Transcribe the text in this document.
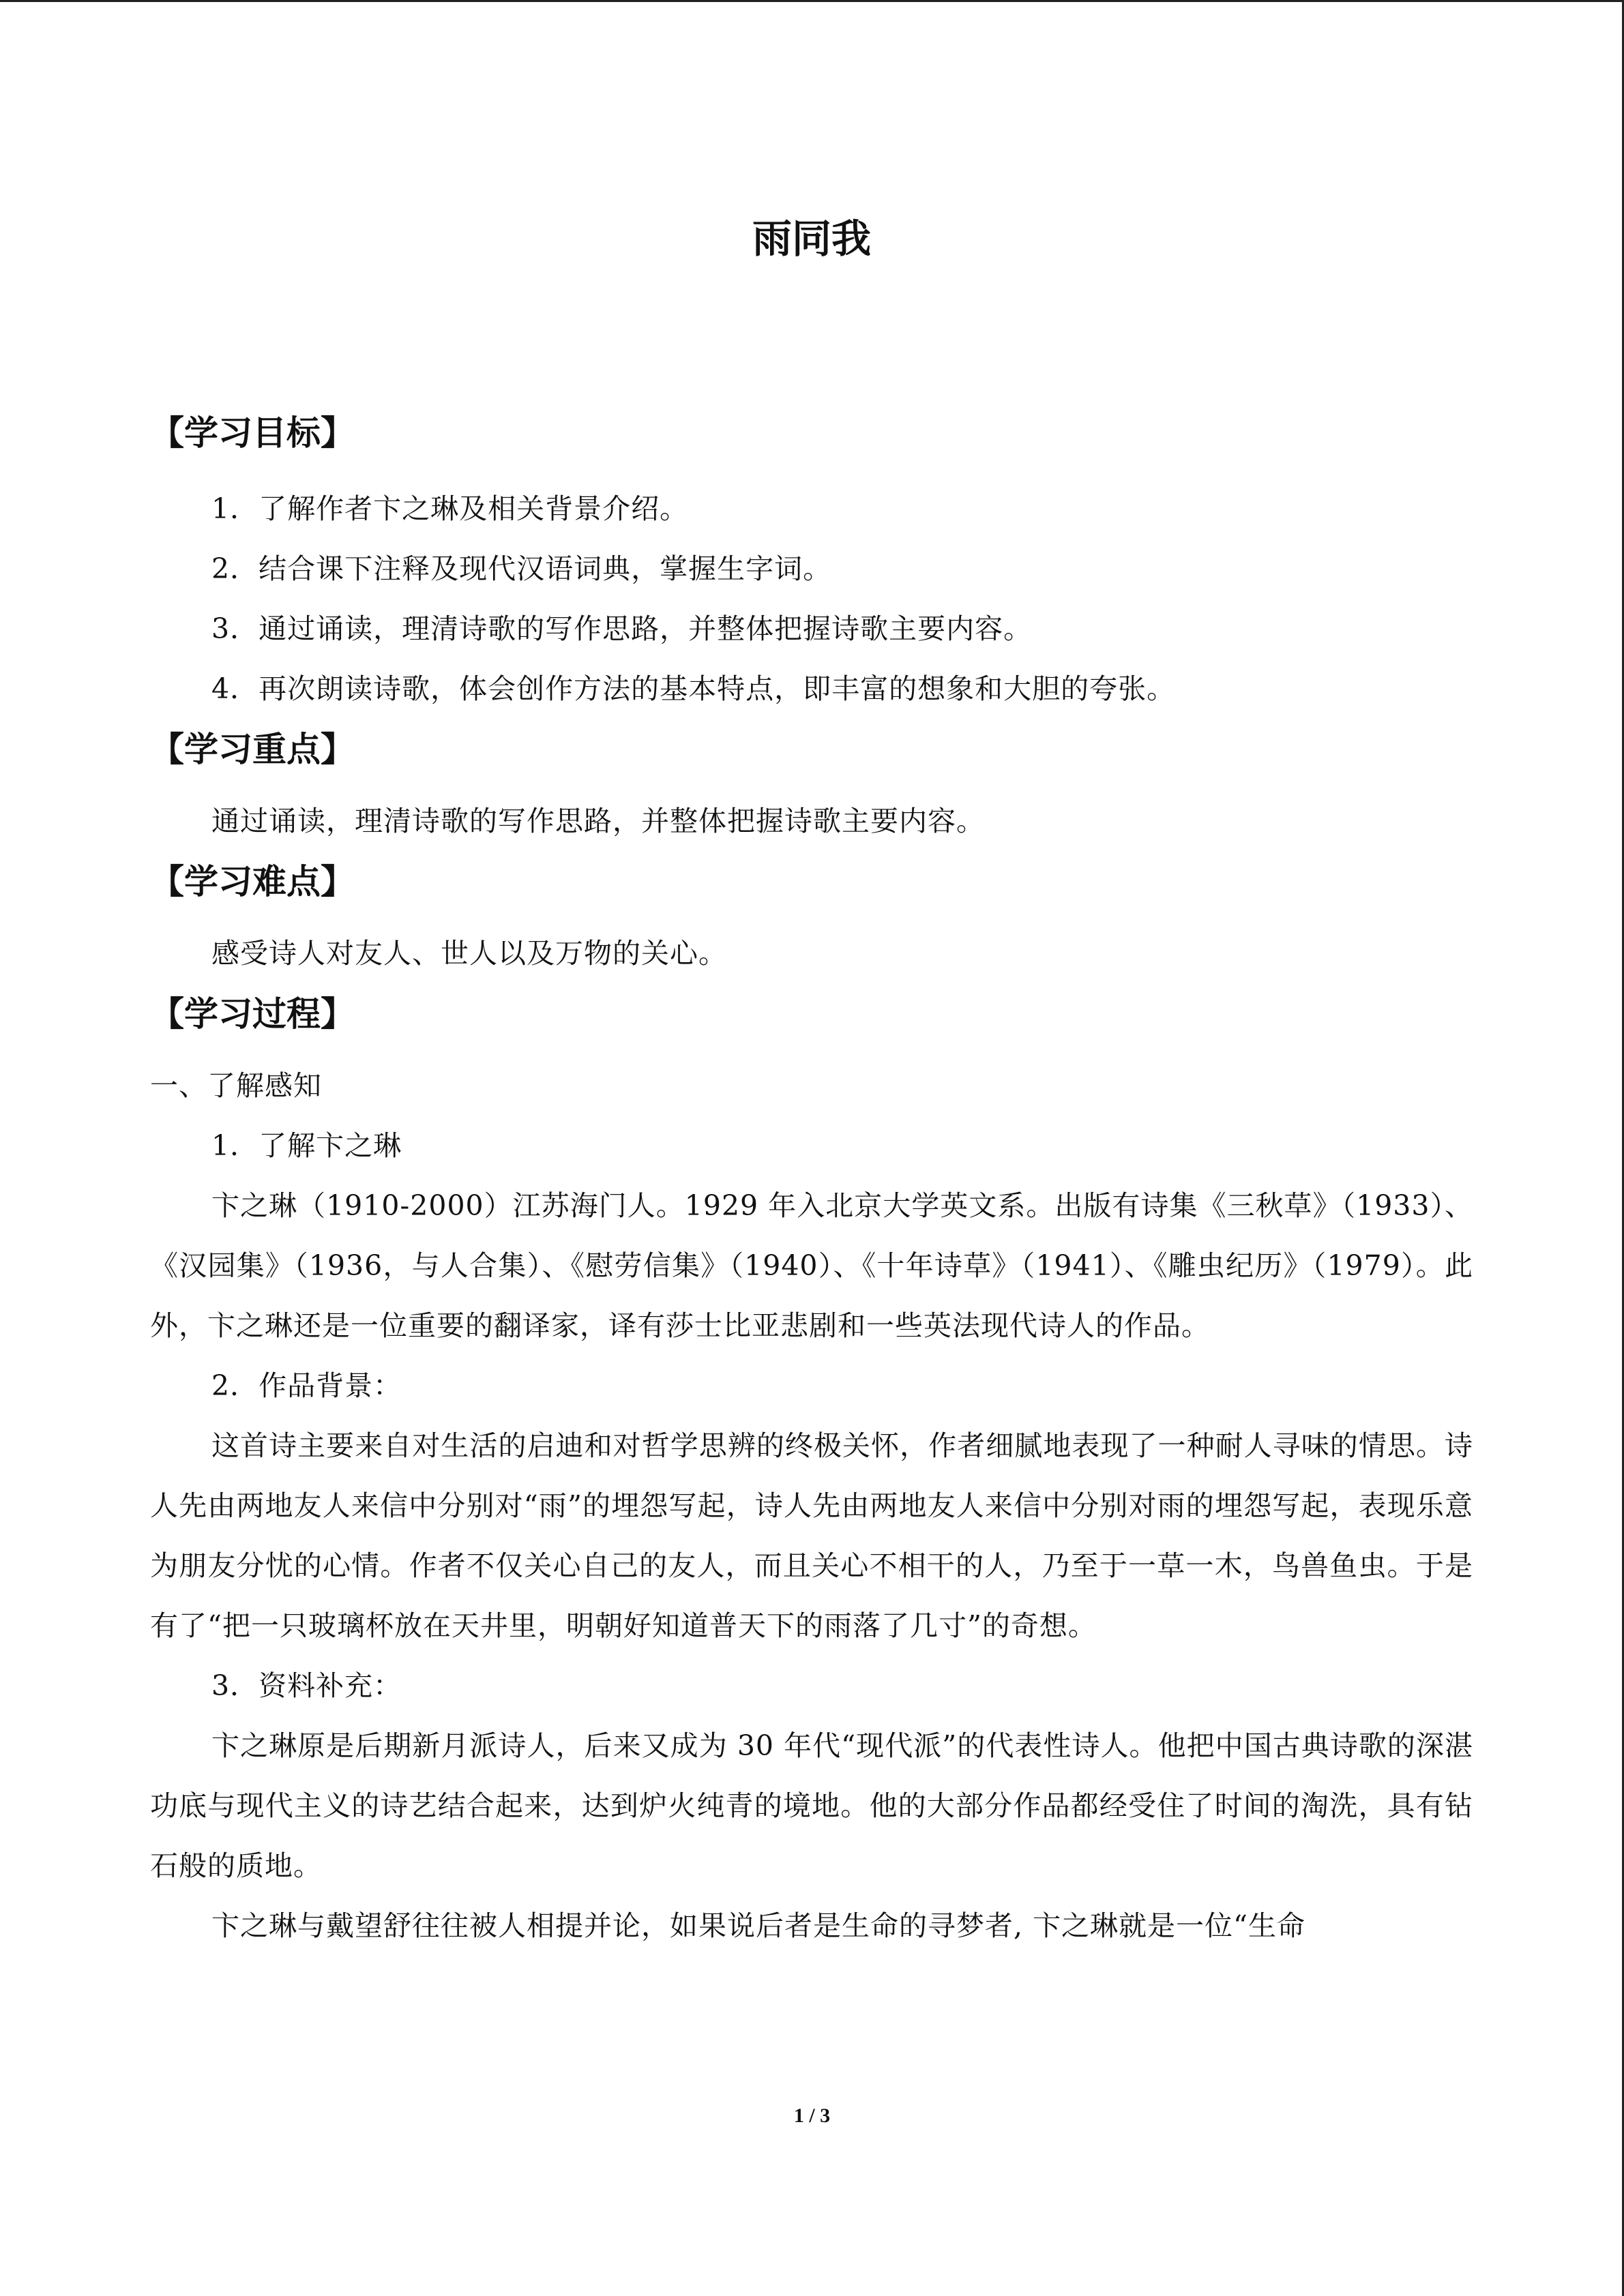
雨同我
【学习目标】

1．了解作者卞之琳及相关背景介绍。

2．结合课下注释及现代汉语词典，掌握生字词。

3．通过诵读，理清诗歌的写作思路，并整体把握诗歌主要内容。

4．再次朗读诗歌，体会创作方法的基本特点，即丰富的想象和大胆的夸张。

【学习重点】

通过诵读，理清诗歌的写作思路，并整体把握诗歌主要内容。

【学习难点】

感受诗人对友人、世人以及万物的关心。

【学习过程】

一、了解感知

1．了解卞之琳

卞之琳（1910-2000）江苏海门人。1929 年入北京大学英文系。出版有诗集《三秋草》（1933）、《汉园集》（1936，与人合集）、《慰劳信集》（1940）、《十年诗草》（1941）、《雕虫纪历》（1979）。此外，卞之琳还是一位重要的翻译家，译有莎士比亚悲剧和一些英法现代诗人的作品。

2．作品背景：

这首诗主要来自对生活的启迪和对哲学思辨的终极关怀，作者细腻地表现了一种耐人寻味的情思。诗人先由两地友人来信中分别对“雨”的埋怨写起，诗人先由两地友人来信中分别对雨的埋怨写起，表现乐意为朋友分忧的心情。作者不仅关心自己的友人，而且关心不相干的人，乃至于一草一木，鸟兽鱼虫。于是有了“把一只玻璃杯放在天井里，明朝好知道普天下的雨落了几寸”的奇想。

3．资料补充：

卞之琳原是后期新月派诗人，后来又成为 30 年代“现代派”的代表性诗人。他把中国古典诗歌的深湛功底与现代主义的诗艺结合起来，达到炉火纯青的境地。他的大部分作品都经受住了时间的淘洗，具有钻石般的质地。

卞之琳与戴望舒往往被人相提并论，如果说后者是生命的寻梦者, 卞之琳就是一位“生命

1 / 3
